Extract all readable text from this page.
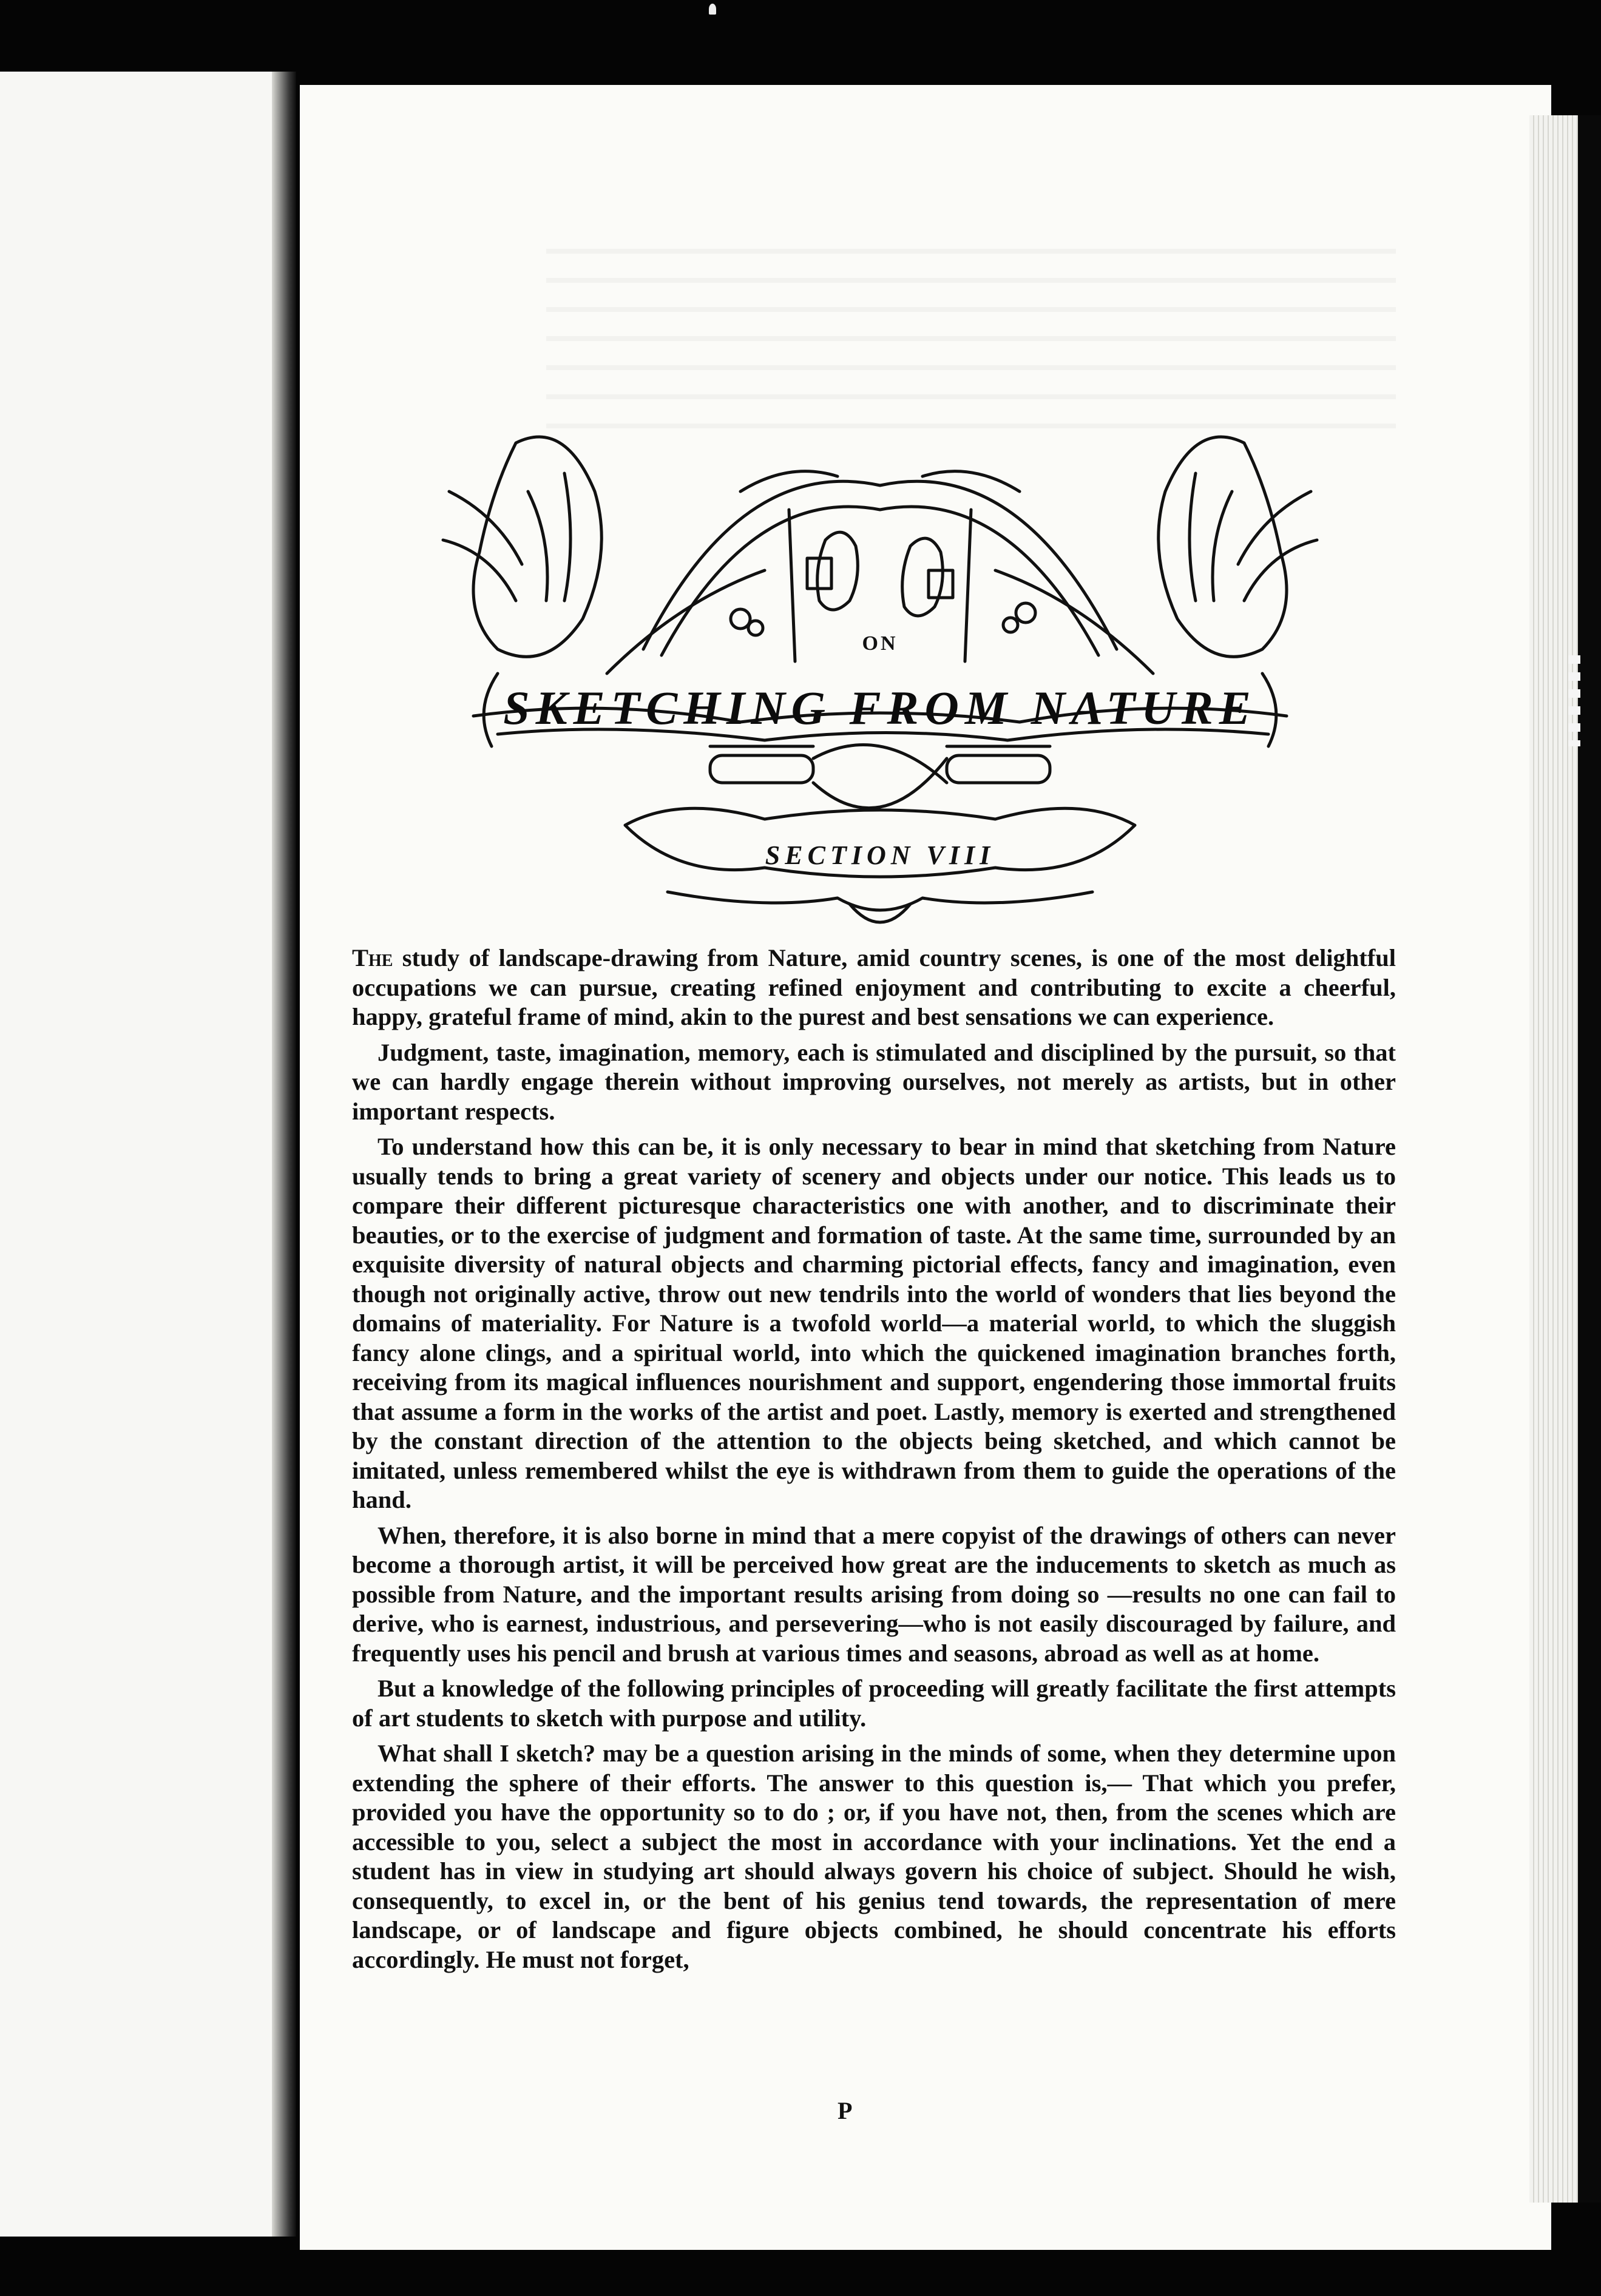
ON
SKETCHING FROM NATURE
SECTION VIII

The study of landscape-drawing from Nature, amid country scenes, is one of the most delightful occupations we can pursue, creating refined enjoyment and contributing to excite a cheerful, happy, grateful frame of mind, akin to the purest and best sensations we can experience.

Judgment, taste, imagination, memory, each is stimulated and disciplined by the pursuit, so that we can hardly engage therein without improving ourselves, not merely as artists, but in other important respects.

To understand how this can be, it is only necessary to bear in mind that sketching from Nature usually tends to bring a great variety of scenery and objects under our notice. This leads us to compare their different picturesque characteristics one with another, and to discriminate their beauties, or to the exercise of judgment and formation of taste. At the same time, surrounded by an exquisite diversity of natural objects and charming pictorial effects, fancy and imagination, even though not originally active, throw out new tendrils into the world of wonders that lies beyond the domains of materiality. For Nature is a twofold world—a material world, to which the sluggish fancy alone clings, and a spiritual world, into which the quickened imagination branches forth, receiving from its magical influences nourishment and support, engendering those immortal fruits that assume a form in the works of the artist and poet. Lastly, memory is exerted and strengthened by the constant direction of the attention to the objects being sketched, and which cannot be imitated, unless remembered whilst the eye is withdrawn from them to guide the operations of the hand.

When, therefore, it is also borne in mind that a mere copyist of the drawings of others can never become a thorough artist, it will be perceived how great are the inducements to sketch as much as possible from Nature, and the important results arising from doing so —results no one can fail to derive, who is earnest, industrious, and persevering—who is not easily discouraged by failure, and frequently uses his pencil and brush at various times and seasons, abroad as well as at home.

But a knowledge of the following principles of proceeding will greatly facilitate the first attempts of art students to sketch with purpose and utility.

What shall I sketch? may be a question arising in the minds of some, when they determine upon extending the sphere of their efforts. The answer to this question is,— That which you prefer, provided you have the opportunity so to do ; or, if you have not, then, from the scenes which are accessible to you, select a subject the most in accordance with your inclinations. Yet the end a student has in view in studying art should always govern his choice of subject. Should he wish, consequently, to excel in, or the bent of his genius tend towards, the representation of mere landscape, or of landscape and figure objects combined, he should concentrate his efforts accordingly. He must not forget,

P
